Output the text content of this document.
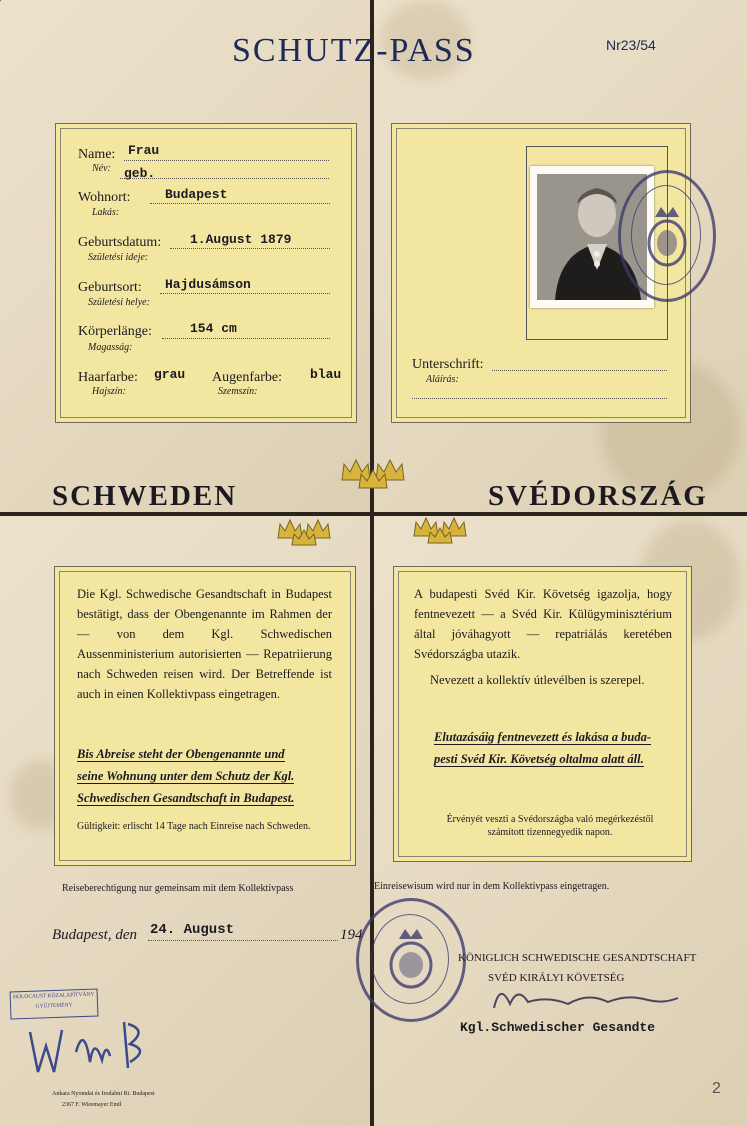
SCHUTZ-PASS	Nr23/54
Name: Frau
Név: geb.
Wohnort:	Budapest
Lakás:
Geburtsdatum: 1.August 1879
Születési ideje:
Geburtsort: Hajdusámson
Születési helye:
Körperlänge:	154 cm
Magasság:
Haarfarbe: grau
Hajszín:
Augenfarbe: blau
Szemszín:
Unterschrift:
Aláírás:
SCHWEDEN	SVÉDORSZÁG
Die Kgl. Schwedische Gesandtschaft in Budapest bestätigt, dass der Obengenannte im Rahmen der — von dem Kgl. Schwedischen Aussenministerium autorisierten — Repatriierung nach Schweden reisen wird. Der Betreffende ist auch in einen Kollektivpass eingetragen.
Bis Abreise steht der Obengenannte und
seine Wohnung unter dem Schutz der Kgl.
Schwedischen Gesandtschaft in Budapest.
Gültigkeit: erlischt 14 Tage nach Einreise nach Schweden.
A budapesti Svéd Kir. Követség igazolja, hogy fentnevezett — a Svéd Kir. Külügyminisztérium által jóváhagyott — repatriálás keretében Svédországba utazik.
Nevezett a kollektív útlevélben is szerepel.
Elutazásáig fentnevezett és lakása a buda-
pesti Svéd Kir. Követség oltalma alatt áll.
Érvényét veszti a Svédországba való megérkezéstől számított tizennegyedik napon.
Reiseberechtigung nur gemeinsam mit dem Kollektivpass	Einreisewisum wird nur in dem Kollektivpass eingetragen.
Budapest, den 24. August	194
KÖNIGLICH SCHWEDISCHE GESANDTSCHAFT
SVÉD KIRÁLYI KÖVETSÉG
Kgl.Schwedischer Gesandte
HOLOCAUST KÖZALAPÍTVÁNY
GYŰJTEMÉNY
Ankara Nyomdai és Irodalmi Rt. Budapest
2367 F. Wiesmayer Emil
2
